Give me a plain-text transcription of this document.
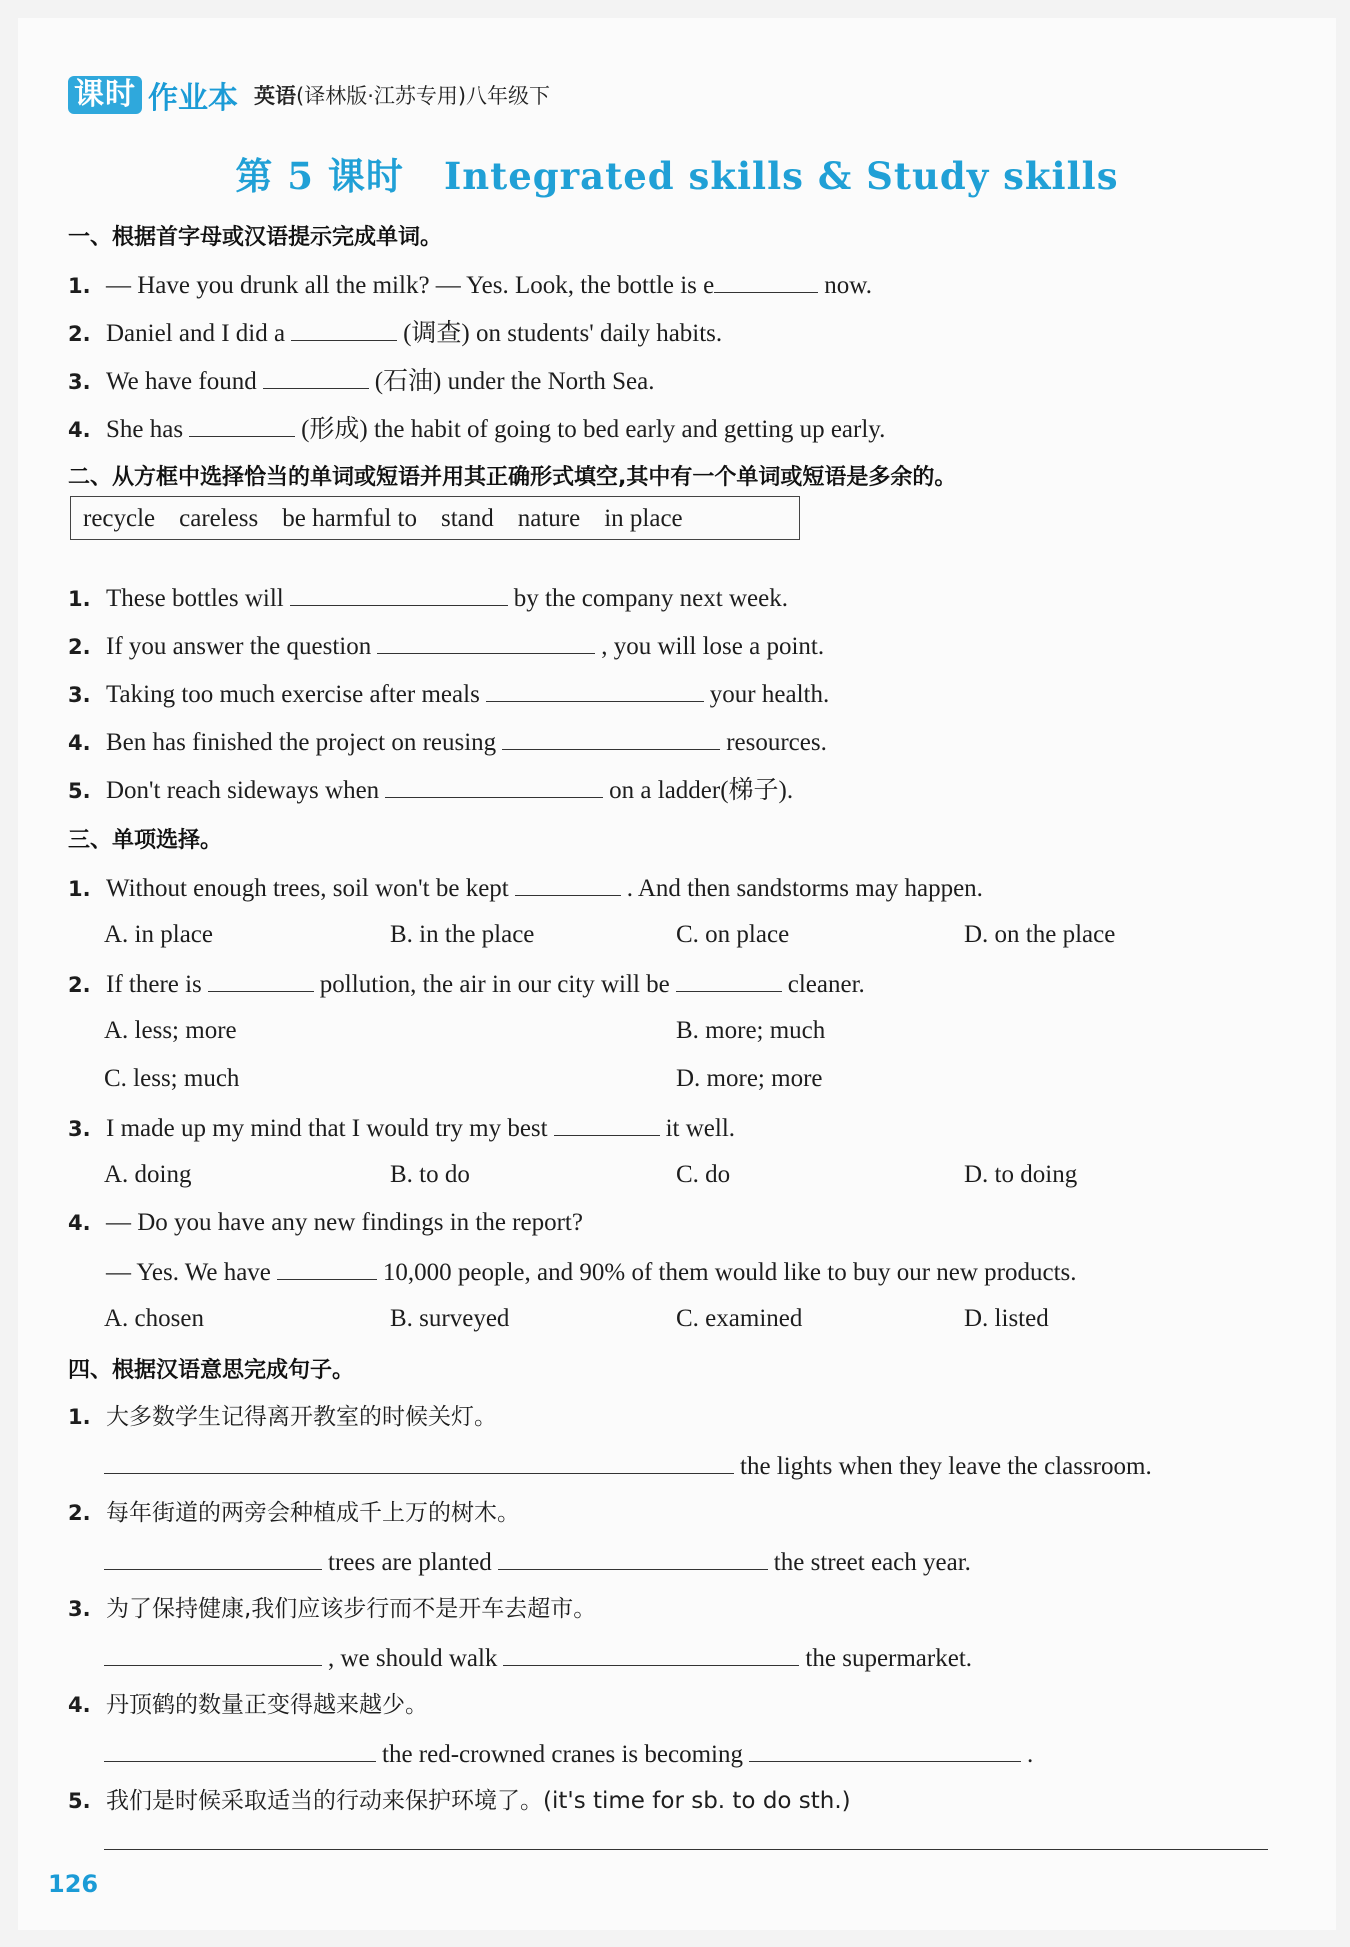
课时 作业本 英语(译林版·江苏专用)八年级下
第 5 课时 Integrated skills & Study skills
一、根据首字母或汉语提示完成单词。
1. — Have you drunk all the milk? — Yes. Look, the bottle is e	now.
2. Daniel and I did a	(调查) on students' daily habits.
3. We have found	(石油) under the North Sea.
4. She has	(形成) the habit of going to bed early and getting up early.
二、从方框中选择恰当的单词或短语并用其正确形式填空,其中有一个单词或短语是多余的。
recycle careless be harmful to stand nature in place
1. These bottles will	by the company next week.
2. If you answer the question	, you will lose a point.
3. Taking too much exercise after meals	your health.
4. Ben has finished the project on reusing	resources.
5. Don't reach sideways when	on a ladder(梯子).
三、单项选择。
1. Without enough trees, soil won't be kept	. And then sandstorms may happen.
A. in place	B. in the place	C. on place	D. on the place
2. If there is	pollution, the air in our city will be	cleaner.
A. less; more	B. more; much
C. less; much	D. more; more
3. I made up my mind that I would try my best	it well.
A. doing	B. to do	C. do	D. to doing
4. — Do you have any new findings in the report?
— Yes. We have	10,000 people, and 90% of them would like to buy our new products.
A. chosen	B. surveyed	C. examined	D. listed
四、根据汉语意思完成句子。
1. 大多数学生记得离开教室的时候关灯。
the lights when they leave the classroom.
2. 每年街道的两旁会种植成千上万的树木。
trees are planted	the street each year.
3. 为了保持健康,我们应该步行而不是开车去超市。
, we should walk	the supermarket.
4. 丹顶鹤的数量正变得越来越少。
the red-crowned cranes is becoming	.
5. 我们是时候采取适当的行动来保护环境了。(it's time for sb. to do sth.)
126
